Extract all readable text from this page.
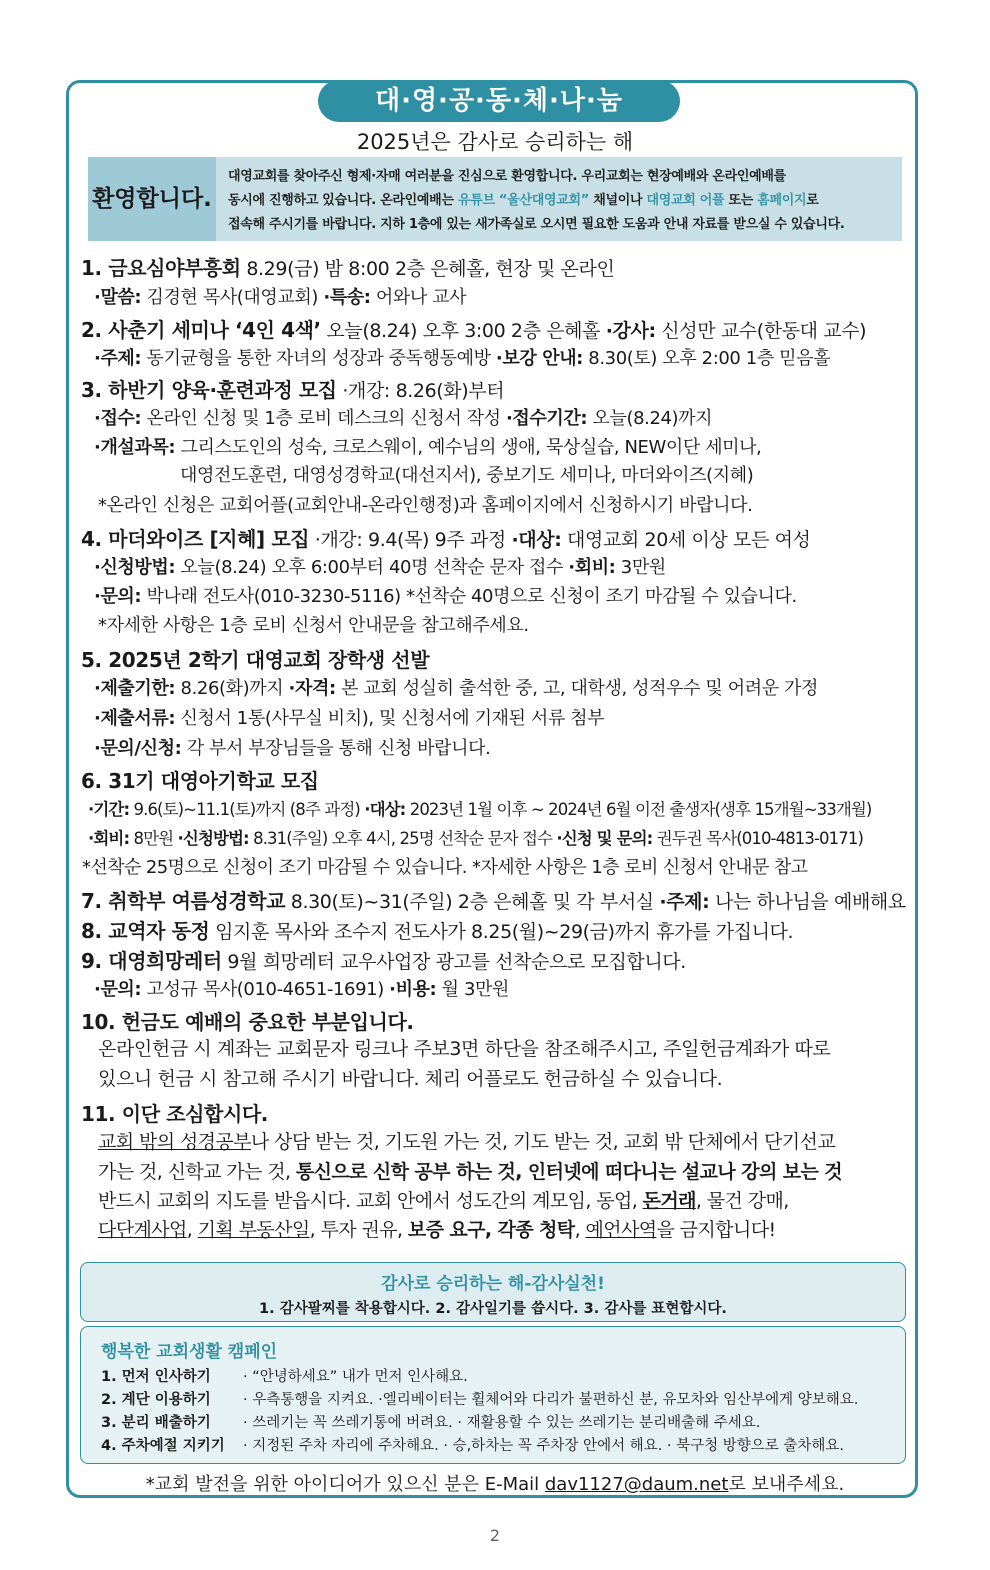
대·영·공·동·체·나·눔
2025년은 감사로 승리하는 해
환영합니다.
대영교회를 찾아주신 형제·자매 여러분을 진심으로 환영합니다. 우리교회는 현장예배와 온라인예배를
동시에 진행하고 있습니다. 온라인예배는 유튜브 “울산대영교회” 채널이나 대영교회 어플 또는 홈페이지로
접속해 주시기를 바랍니다. 지하 1층에 있는 새가족실로 오시면 필요한 도움과 안내 자료를 받으실 수 있습니다.
1. 금요심야부흥회 8.29(금) 밤 8:00 2층 은혜홀, 현장 및 온라인
·말씀: 김경현 목사(대영교회) ·특송: 어와나 교사
2. 사춘기 세미나 ‘4인 4색’ 오늘(8.24) 오후 3:00 2층 은혜홀 ·강사: 신성만 교수(한동대 교수)
·주제: 동기균형을 통한 자녀의 성장과 중독행동예방 ·보강 안내: 8.30(토) 오후 2:00 1층 믿음홀
3. 하반기 양육·훈련과정 모집 ·개강: 8.26(화)부터
·접수: 온라인 신청 및 1층 로비 데스크의 신청서 작성 ·접수기간: 오늘(8.24)까지
·개설과목: 그리스도인의 성숙, 크로스웨이, 예수님의 생애, 묵상실습, NEW이단 세미나,
대영전도훈련, 대영성경학교(대선지서), 중보기도 세미나, 마더와이즈(지혜)
*온라인 신청은 교회어플(교회안내-온라인행정)과 홈페이지에서 신청하시기 바랍니다.
4. 마더와이즈 [지혜] 모집 ·개강: 9.4(목) 9주 과정 ·대상: 대영교회 20세 이상 모든 여성
·신청방법: 오늘(8.24) 오후 6:00부터 40명 선착순 문자 접수 ·회비: 3만원
·문의: 박나래 전도사(010-3230-5116) *선착순 40명으로 신청이 조기 마감될 수 있습니다.
*자세한 사항은 1층 로비 신청서 안내문을 참고해주세요.
5. 2025년 2학기 대영교회 장학생 선발
·제출기한: 8.26(화)까지 ·자격: 본 교회 성실히 출석한 중, 고, 대학생, 성적우수 및 어려운 가정
·제출서류: 신청서 1통(사무실 비치), 및 신청서에 기재된 서류 첨부
·문의/신청: 각 부서 부장님들을 통해 신청 바랍니다.
6. 31기 대영아기학교 모집
·기간: 9.6(토)~11.1(토)까지 (8주 과정) ·대상: 2023년 1월 이후 ~ 2024년 6월 이전 출생자(생후 15개월~33개월)
·회비: 8만원 ·신청방법: 8.31(주일) 오후 4시, 25명 선착순 문자 접수 ·신청 및 문의: 권두권 목사(010-4813-0171)
*선착순 25명으로 신청이 조기 마감될 수 있습니다. *자세한 사항은 1층 로비 신청서 안내문 참고
7. 취학부 여름성경학교 8.30(토)~31(주일) 2층 은혜홀 및 각 부서실 ·주제: 나는 하나님을 예배해요
8. 교역자 동정 임지훈 목사와 조수지 전도사가 8.25(월)~29(금)까지 휴가를 가집니다.
9. 대영희망레터 9월 희망레터 교우사업장 광고를 선착순으로 모집합니다.
·문의: 고성규 목사(010-4651-1691) ·비용: 월 3만원
10. 헌금도 예배의 중요한 부분입니다.
온라인헌금 시 계좌는 교회문자 링크나 주보3면 하단을 참조해주시고, 주일헌금계좌가 따로
있으니 헌금 시 참고해 주시기 바랍니다. 체리 어플로도 헌금하실 수 있습니다.
11. 이단 조심합시다.
교회 밖의 성경공부나 상담 받는 것, 기도원 가는 것, 기도 받는 것, 교회 밖 단체에서 단기선교
가는 것, 신학교 가는 것, 통신으로 신학 공부 하는 것, 인터넷에 떠다니는 설교나 강의 보는 것
반드시 교회의 지도를 받읍시다. 교회 안에서 성도간의 계모임, 동업, 돈거래, 물건 강매,
다단계사업, 기획 부동산일, 투자 권유, 보증 요구, 각종 청탁, 예언사역을 금지합니다!
감사로 승리하는 해-감사실천!
1. 감사팔찌를 착용합시다. 2. 감사일기를 씁시다. 3. 감사를 표현합시다.
행복한 교회생활 캠페인
1. 먼저 인사하기 · “안녕하세요” 내가 먼저 인사해요.
2. 계단 이용하기 · 우측통행을 지켜요. ·엘리베이터는 휠체어와 다리가 불편하신 분, 유모차와 임산부에게 양보해요.
3. 분리 배출하기 · 쓰레기는 꼭 쓰레기통에 버려요. · 재활용할 수 있는 쓰레기는 분리배출해 주세요.
4. 주차예절 지키기 · 지정된 주차 자리에 주차해요. · 승,하차는 꼭 주차장 안에서 해요. · 북구청 방향으로 출차해요.
*교회 발전을 위한 아이디어가 있으신 분은 E-Mail dav1127@daum.net로 보내주세요.
2
